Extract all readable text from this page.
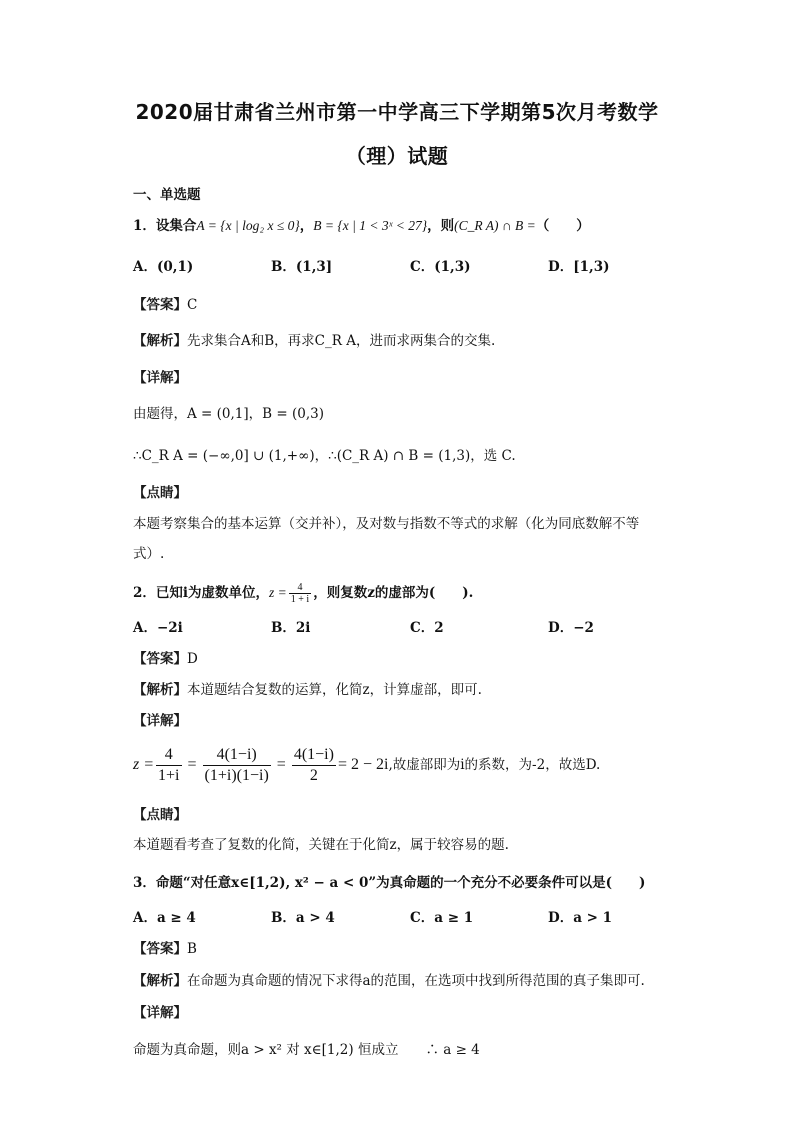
2020届甘肃省兰州市第一中学高三下学期第5次月考数学
（理）试题
一、单选题
1．设集合A = {x | log₂ x ≤ 0}，B = {x | 1 < 3ˣ < 27}，则(C_R A) ∩ B =（　　）
A．(0,1)	B．(1,3]	C．(1,3)	D．[1,3)
【答案】C
【解析】先求集合A和B，再求C_R A，进而求两集合的交集.
【详解】
由题得，A = (0,1]，B = (0,3)
∴C_R A = (−∞,0] ∪ (1,+∞)，∴(C_R A) ∩ B = (1,3)，选 C.
【点睛】
本题考察集合的基本运算（交并补），及对数与指数不等式的求解（化为同底数解不等
式）.
2．已知i为虚数单位，$z = \frac{4}{1 + i}$ ，则复数z的虚部为(　　).
A．−2i	B．2i	C．2	D．−2
【答案】D
【解析】本道题结合复数的运算，化简z，计算虚部，即可.
【详解】
$z = \frac{4}{1+i} = \frac{4(1-i)}{(1+i)(1-i)} = \frac{4(1-i)}{2} = 2 - 2i$,故虚部即为i的系数，为-2，故选D.
【点睛】
本道题看考查了复数的化简，关键在于化简z，属于较容易的题.
3．命题“对任意x∈[1,2), x² − a < 0”为真命题的一个充分不必要条件可以是(　　)
A．a ≥ 4	B．a > 4	C．a ≥ 1	D．a > 1
【答案】B
【解析】在命题为真命题的情况下求得a的范围，在选项中找到所得范围的真子集即可.
【详解】
命题为真命题，则a > x² 对 x∈[1,2) 恒成立　　∴ a ≥ 4
